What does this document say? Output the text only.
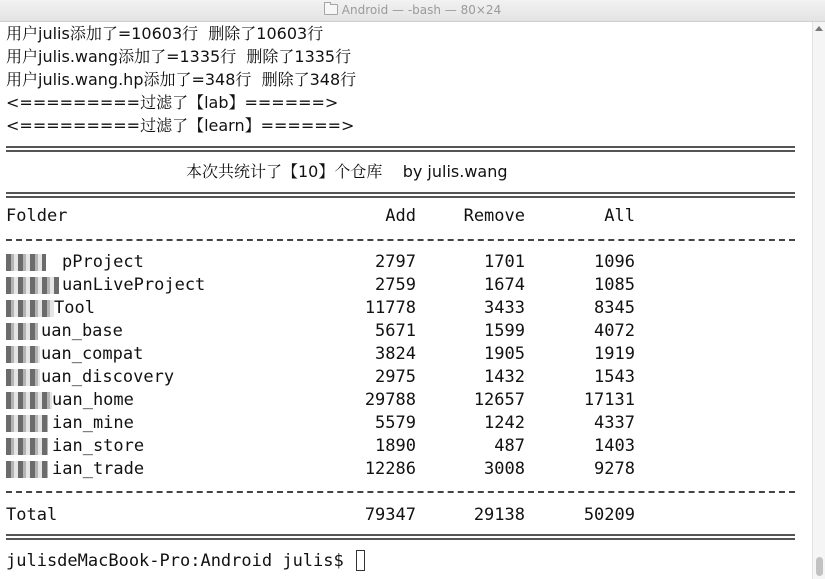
Android — -bash — 80×24
用户julis添加了=10603行  删除了10603行
用户julis.wang添加了=1335行  删除了1335行
用户julis.wang.hp添加了=348行  删除了348行
<=========过滤了【lab】======>
<=========过滤了【learn】======>
本次共统计了【10】个仓库    by julis.wang
Folder	Add	Remove	All
pProject	2797	1701	1096
uanLiveProject	2759	1674	1085
Tool	11778	3433	8345
uan_base	5671	1599	4072
uan_compat	3824	1905	1919
uan_discovery	2975	1432	1543
uan_home	29788	12657	17131
ian_mine	5579	1242	4337
ian_store	1890	487	1403
ian_trade	12286	3008	9278
Total	79347	29138	50209
julisdeMacBook-Pro:Android julis$
